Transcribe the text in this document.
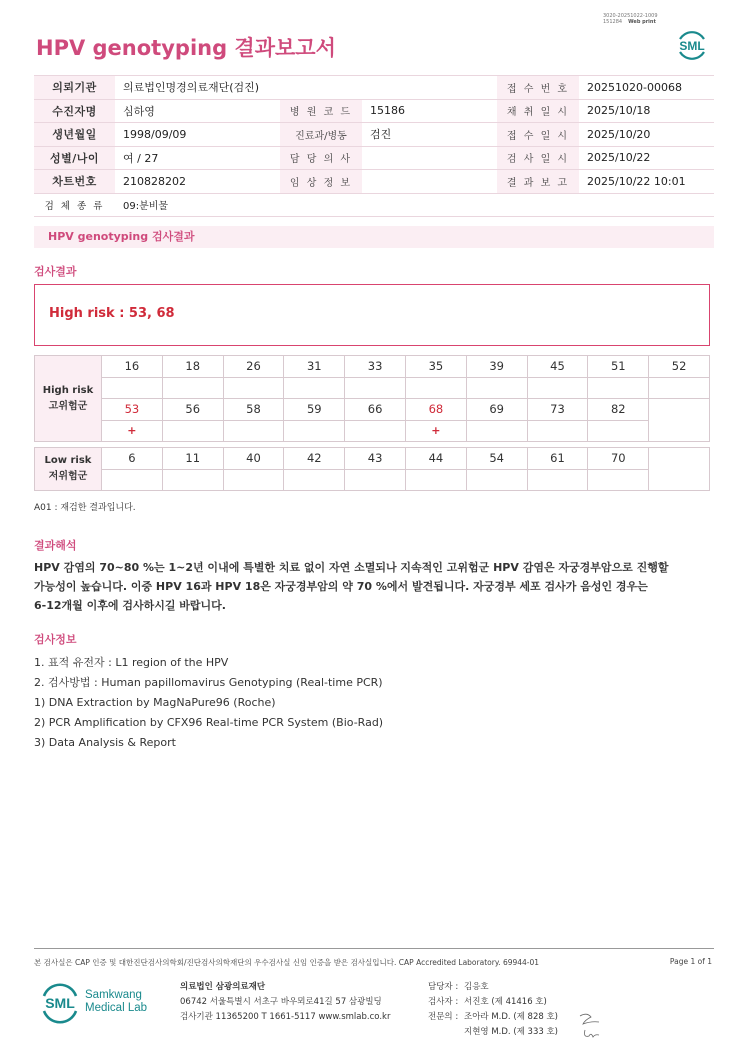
3020-20251022-1009
151284 Web print
HPV genotyping 결과보고서	SML
의뢰기관	의료법인명경의료재단(검진)			접 수 번 호	20251020-00068
수진자명	심하영	병 원 코 드	15186	채 취 일 시	2025/10/18
생년월일	1998/09/09	진료과/병동	검진	접 수 일 시	2025/10/20
성별/나이	여 / 27	담 당 의 사		검 사 일 시	2025/10/22
차트번호	210828202	임 상 정 보		결 과 보 고	2025/10/22 10:01
검 체 종 류	09:분비물				
HPV genotyping 검사결과
검사결과
High risk : 53, 68
High risk
고위험군	16	18	26	31	33	35	39	45	51	52

	53	56	58	59	66	68	69	73	82	
	+					+				
Low risk
저위험군	6	11	40	42	43	44	54	61	70	

A01 : 재검한 결과입니다.
결과해석
HPV 감염의 70~80 %는 1~2년 이내에 특별한 치료 없이 자연 소멸되나 지속적인 고위험군 HPV 감염은 자궁경부암으로 진행할
가능성이 높습니다. 이중 HPV 16과 HPV 18은 자궁경부암의 약 70 %에서 발견됩니다. 자궁경부 세포 검사가 음성인 경우는
6-12개월 이후에 검사하시길 바랍니다.
검사정보
1. 표적 유전자 : L1 region of the HPV
2. 검사방법 : Human papillomavirus Genotyping (Real-time PCR)
1) DNA Extraction by MagNaPure96 (Roche)
2) PCR Amplification by CFX96 Real-time PCR System (Bio-Rad)
3) Data Analysis & Report
본 검사실은 CAP 인증 및 대한진단검사의학회/진단검사의학재단의 우수검사실 신임 인증을 받은 검사실입니다. CAP Accredited Laboratory. 69944-01	Page 1 of 1
SML Samkwang
Medical Lab
의료법인 삼광의료재단
06742 서울특별시 서초구 바우뫼로41길 57 삼광빌딩
검사기관 11365200 T 1661-5117 www.smlab.co.kr
담당자 : 김응호
검사자 : 서진호 (제 41416 호)
전문의 : 조아라 M.D. (제 828 호)
지현영 M.D. (제 333 호)
